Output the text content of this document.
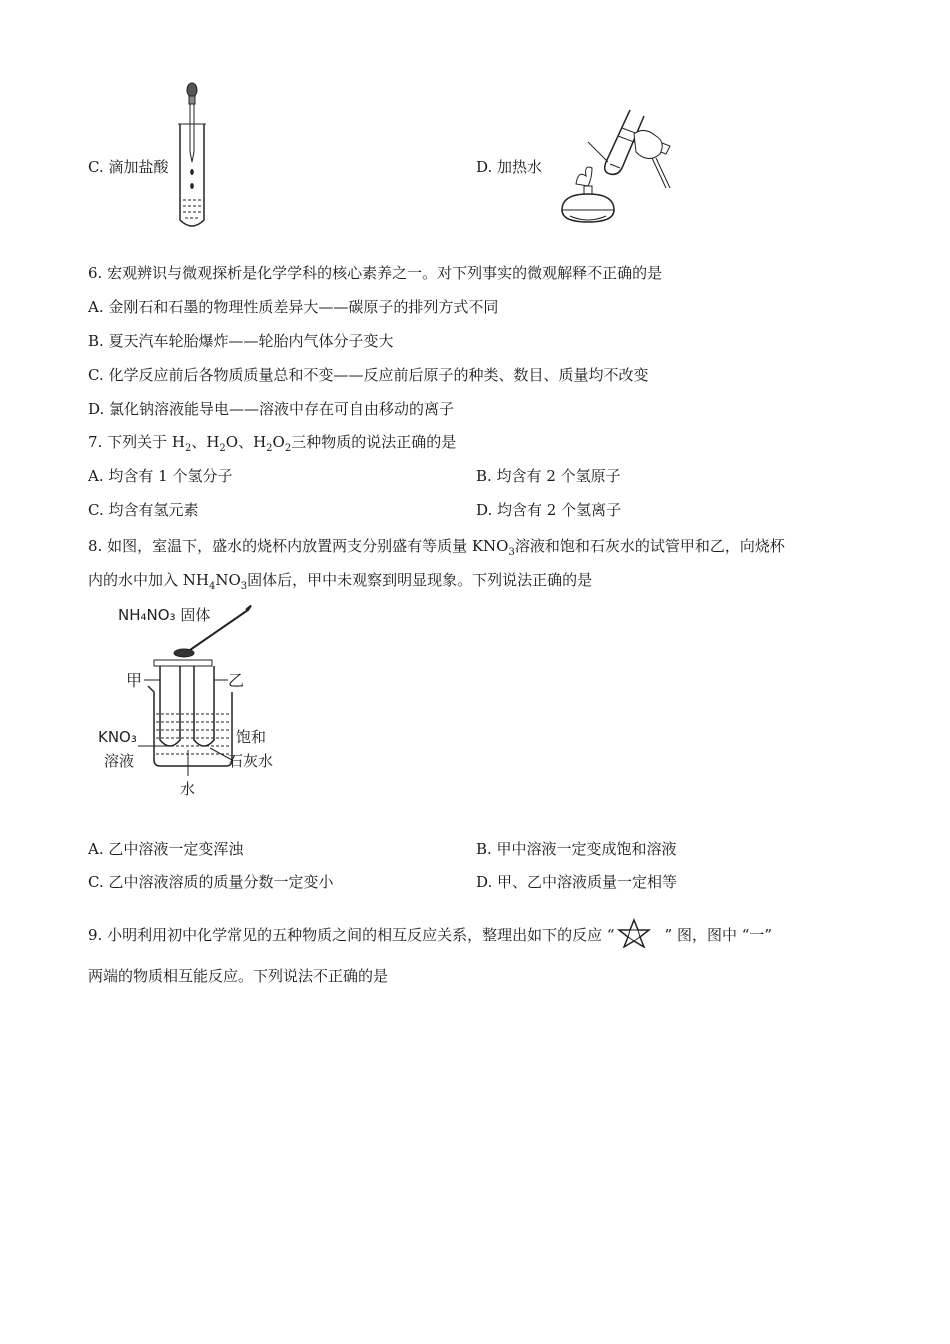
C. 滴加盐酸	D. 加热水
6. 宏观辨识与微观探析是化学学科的核心素养之一。对下列事实的微观解释不正确的是
A. 金刚石和石墨的物理性质差异大——碳原子的排列方式不同
B. 夏天汽车轮胎爆炸——轮胎内气体分子变大
C. 化学反应前后各物质质量总和不变——反应前后原子的种类、数目、质量均不改变
D. 氯化钠溶液能导电——溶液中存在可自由移动的离子
7. 下列关于 $H_2$、$H_2O$、$H_2O_2$三种物质的说法正确的是
A. 均含有 1 个氢分子	B. 均含有 2 个氢原子
C. 均含有氢元素	D. 均含有 2 个氢离子
8. 如图，室温下，盛水的烧杯内放置两支分别盛有等质量 $KNO_3$溶液和饱和石灰水的试管甲和乙，向烧杯
内的水中加入 $NH_4NO_3$固体后，甲中未观察到明显现象。下列说法正确的是
NH₄NO₃ 固体
甲	乙
KNO₃
溶液
饱和
石灰水
水
A. 乙中溶液一定变浑浊	B. 甲中溶液一定变成饱和溶液
C. 乙中溶液溶质的质量分数一定变小	D. 甲、乙中溶液质量一定相等
9. 小明利用初中化学常见的五种物质之间的相互反应关系，整理出如下的反应 “	” 图，图中 “一”
两端的物质相互能反应。下列说法不正确的是
